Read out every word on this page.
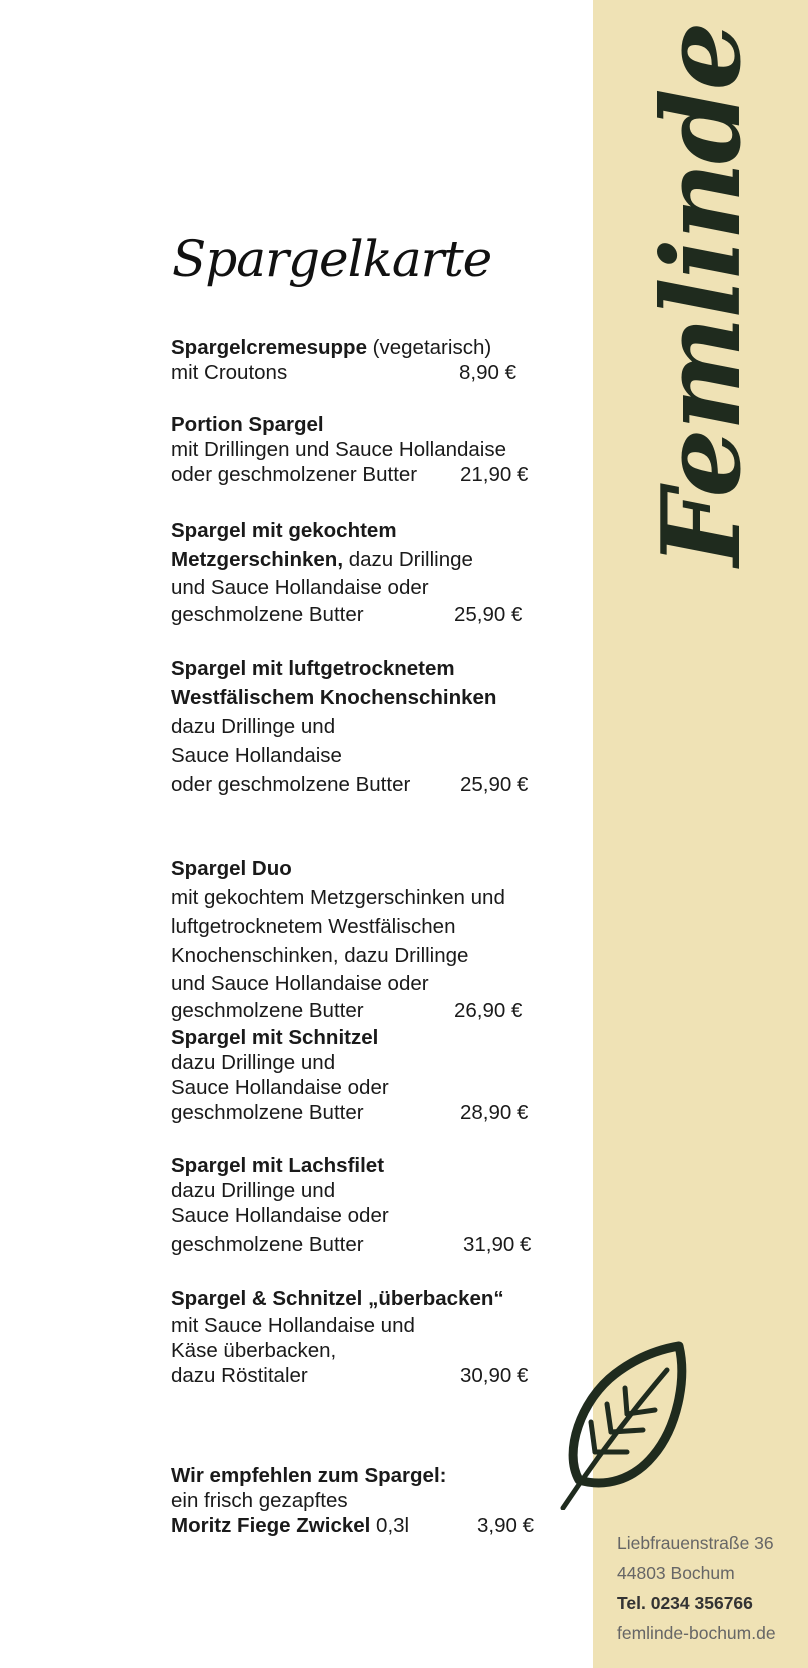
Femlinde
Liebfrauenstraße 36
44803 Bochum
Tel. 0234 356766
femlinde-bochum.de
Spargelkarte
Spargelcremesuppe (vegetarisch)
mit Croutons	8,90 €
Portion Spargel
mit Drillingen und Sauce Hollandaise
oder geschmolzener Butter 21,90 €
Spargel mit gekochtem
Metzgerschinken, dazu Drillinge
und Sauce Hollandaise oder
geschmolzene Butter	25,90 €
Spargel mit luftgetrocknetem
Westfälischem Knochenschinken
dazu Drillinge und
Sauce Hollandaise
oder geschmolzene Butter 25,90 €
Spargel Duo
mit gekochtem Metzgerschinken und
luftgetrocknetem Westfälischen
Knochenschinken, dazu Drillinge
und Sauce Hollandaise oder
geschmolzene Butter	26,90 €
Spargel mit Schnitzel
dazu Drillinge und
Sauce Hollandaise oder
geschmolzene Butter	28,90 €
Spargel mit Lachsfilet
dazu Drillinge und
Sauce Hollandaise oder
geschmolzene Butter	31,90 €
Spargel & Schnitzel „überbacken“
mit Sauce Hollandaise und
Käse überbacken,
dazu Röstitaler	30,90 €
Wir empfehlen zum Spargel:
ein frisch gezapftes
Moritz Fiege Zwickel 0,3l	3,90 €
